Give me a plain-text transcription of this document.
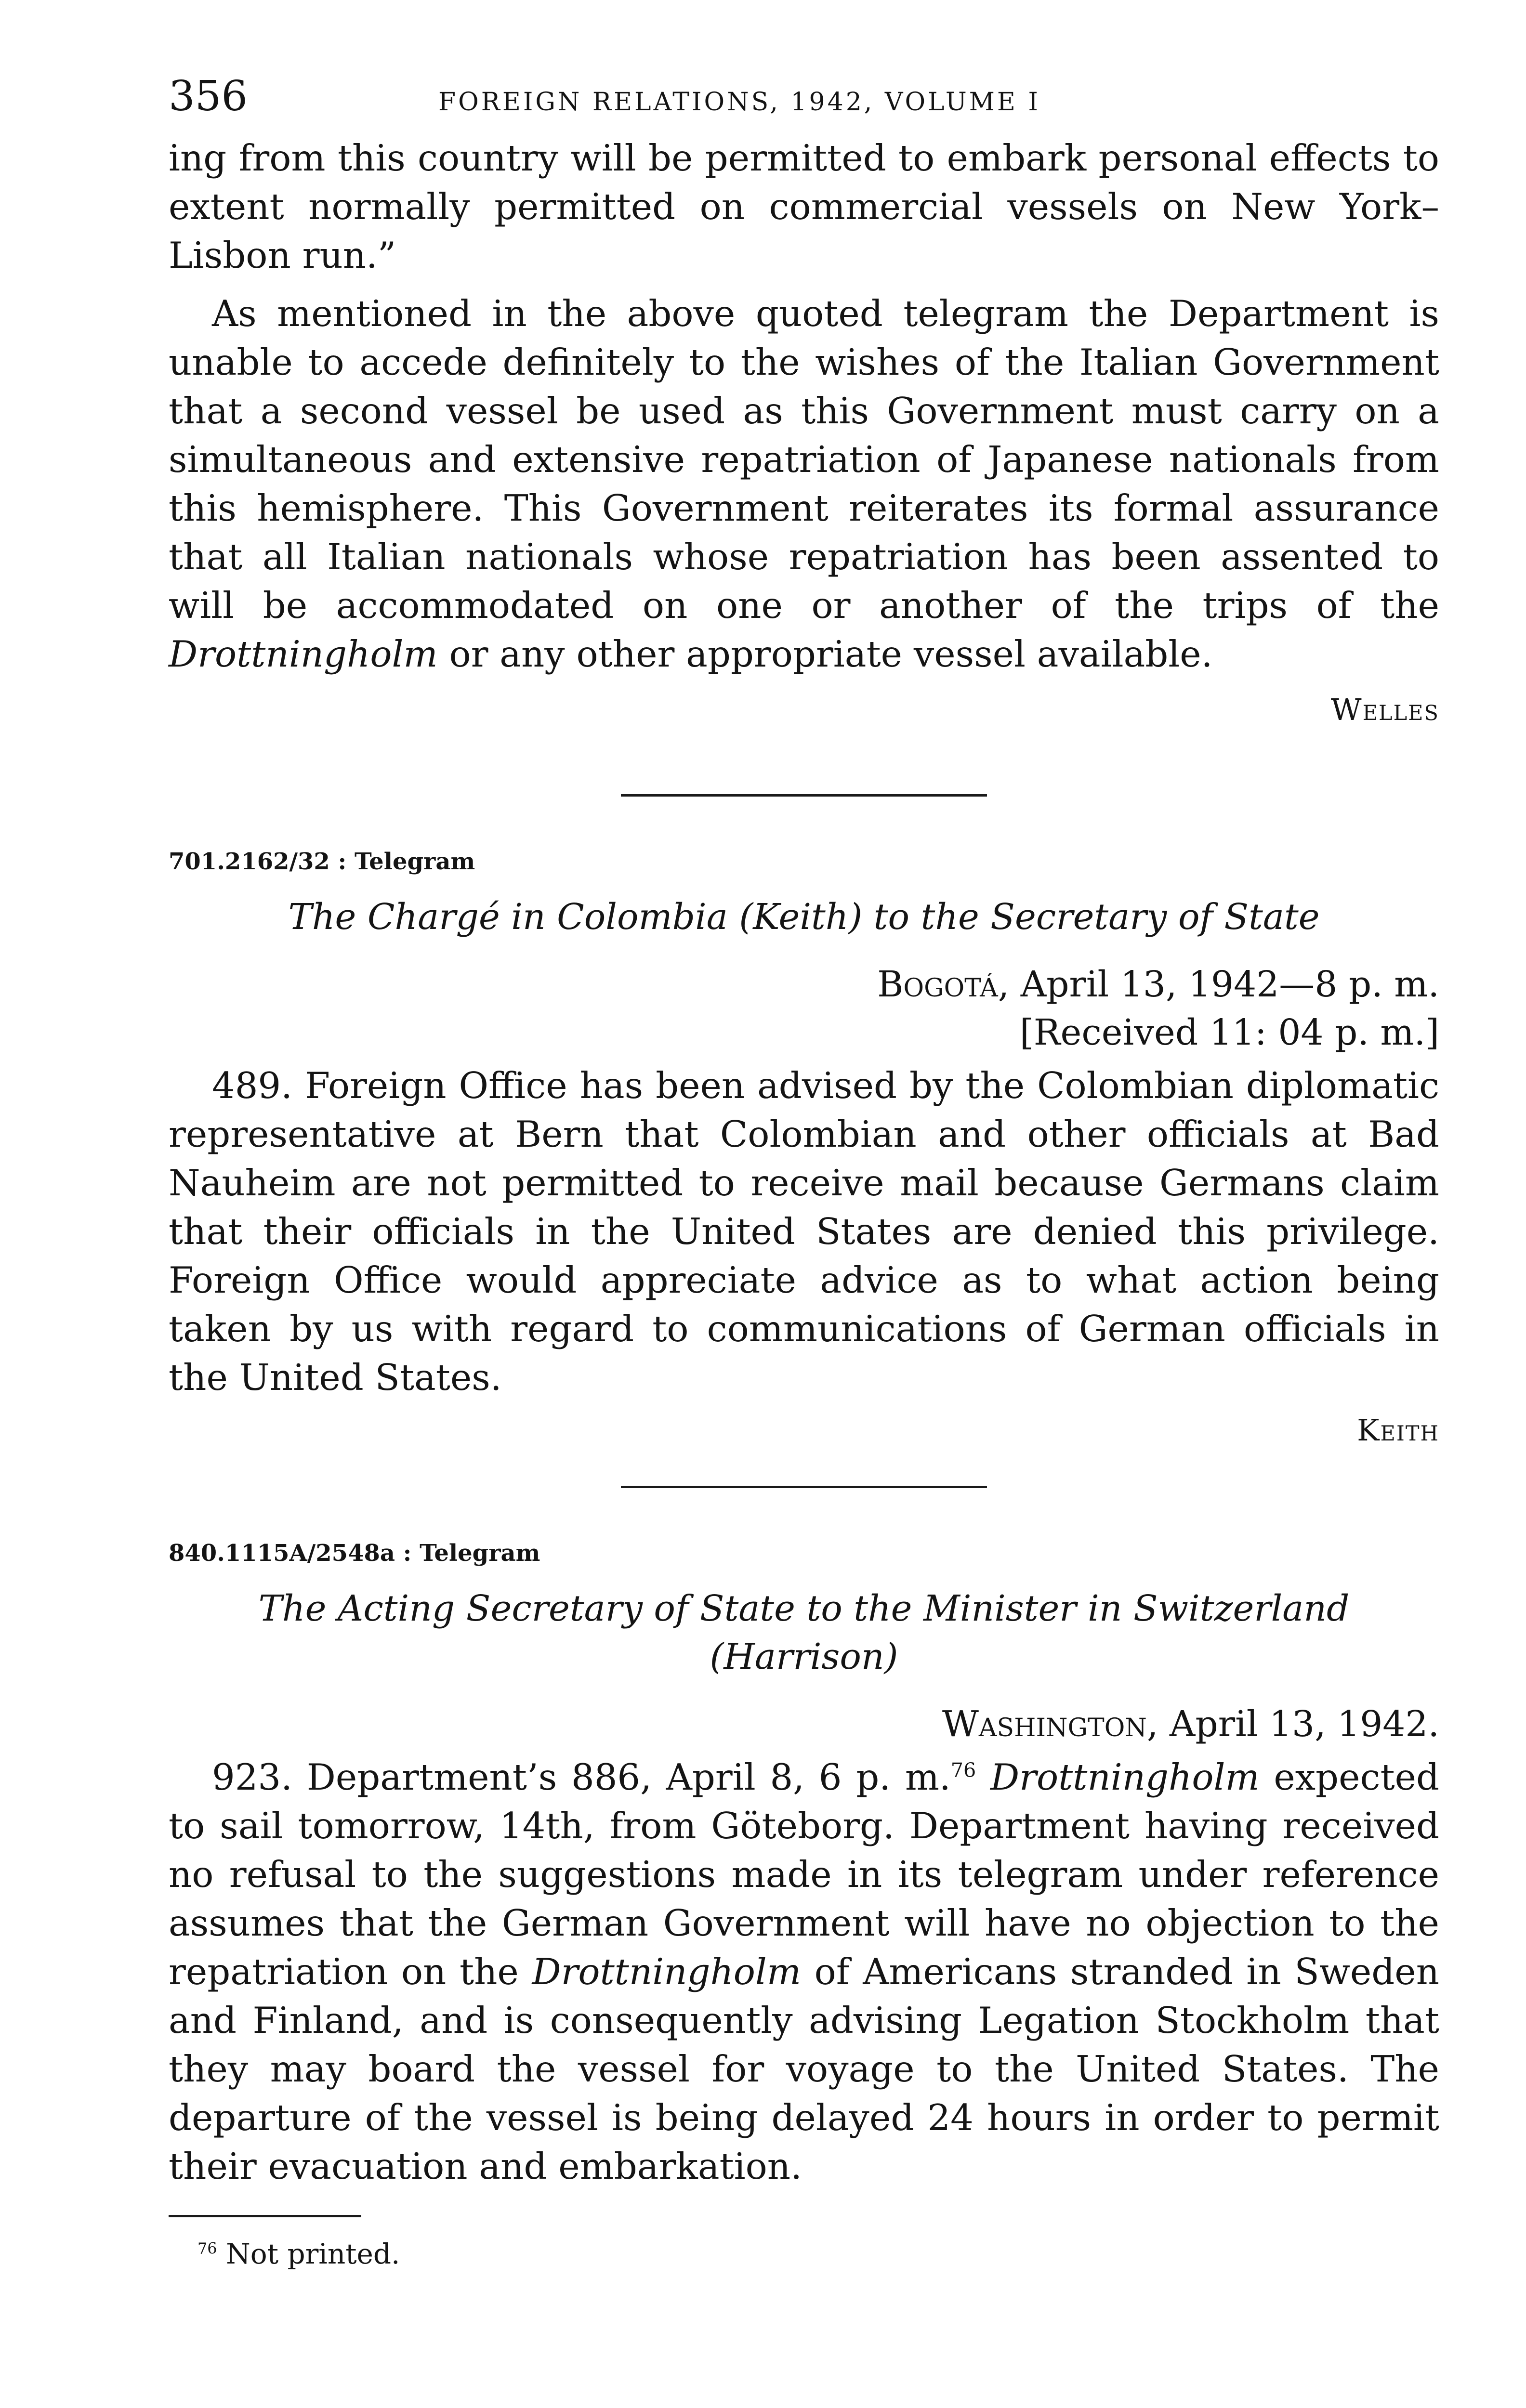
356	FOREIGN RELATIONS, 1942, VOLUME I

ing from this country will be permitted to embark personal effects to extent normally permitted on commercial vessels on New York–Lisbon run.”

As mentioned in the above quoted telegram the Department is unable to accede definitely to the wishes of the Italian Government that a second vessel be used as this Government must carry on a simultaneous and extensive repatriation of Japanese nationals from this hemisphere. This Government reiterates its formal assurance that all Italian nationals whose repatriation has been assented to will be accommodated on one or another of the trips of the Drottningholm or any other appropriate vessel available.

Welles

701.2162/32 : Telegram

The Chargé in Colombia (Keith) to the Secretary of State

Bogotá, April 13, 1942—8 p. m.

[Received 11: 04 p. m.]

489. Foreign Office has been advised by the Colombian diplomatic representative at Bern that Colombian and other officials at Bad Nauheim are not permitted to receive mail because Germans claim that their officials in the United States are denied this privilege. Foreign Office would appreciate advice as to what action being taken by us with regard to communications of German officials in the United States.

Keith

840.1115A/2548a : Telegram

The Acting Secretary of State to the Minister in Switzerland

(Harrison)

Washington, April 13, 1942.

923. Department’s 886, April 8, 6 p. m.$^{76}$ Drottningholm expected to sail tomorrow, 14th, from Göteborg. Department having received no refusal to the suggestions made in its telegram under reference assumes that the German Government will have no objection to the repatriation on the Drottningholm of Americans stranded in Sweden and Finland, and is consequently advising Legation Stockholm that they may board the vessel for voyage to the United States. The departure of the vessel is being delayed 24 hours in order to permit their evacuation and embarkation.

$^{76}$ Not printed.
